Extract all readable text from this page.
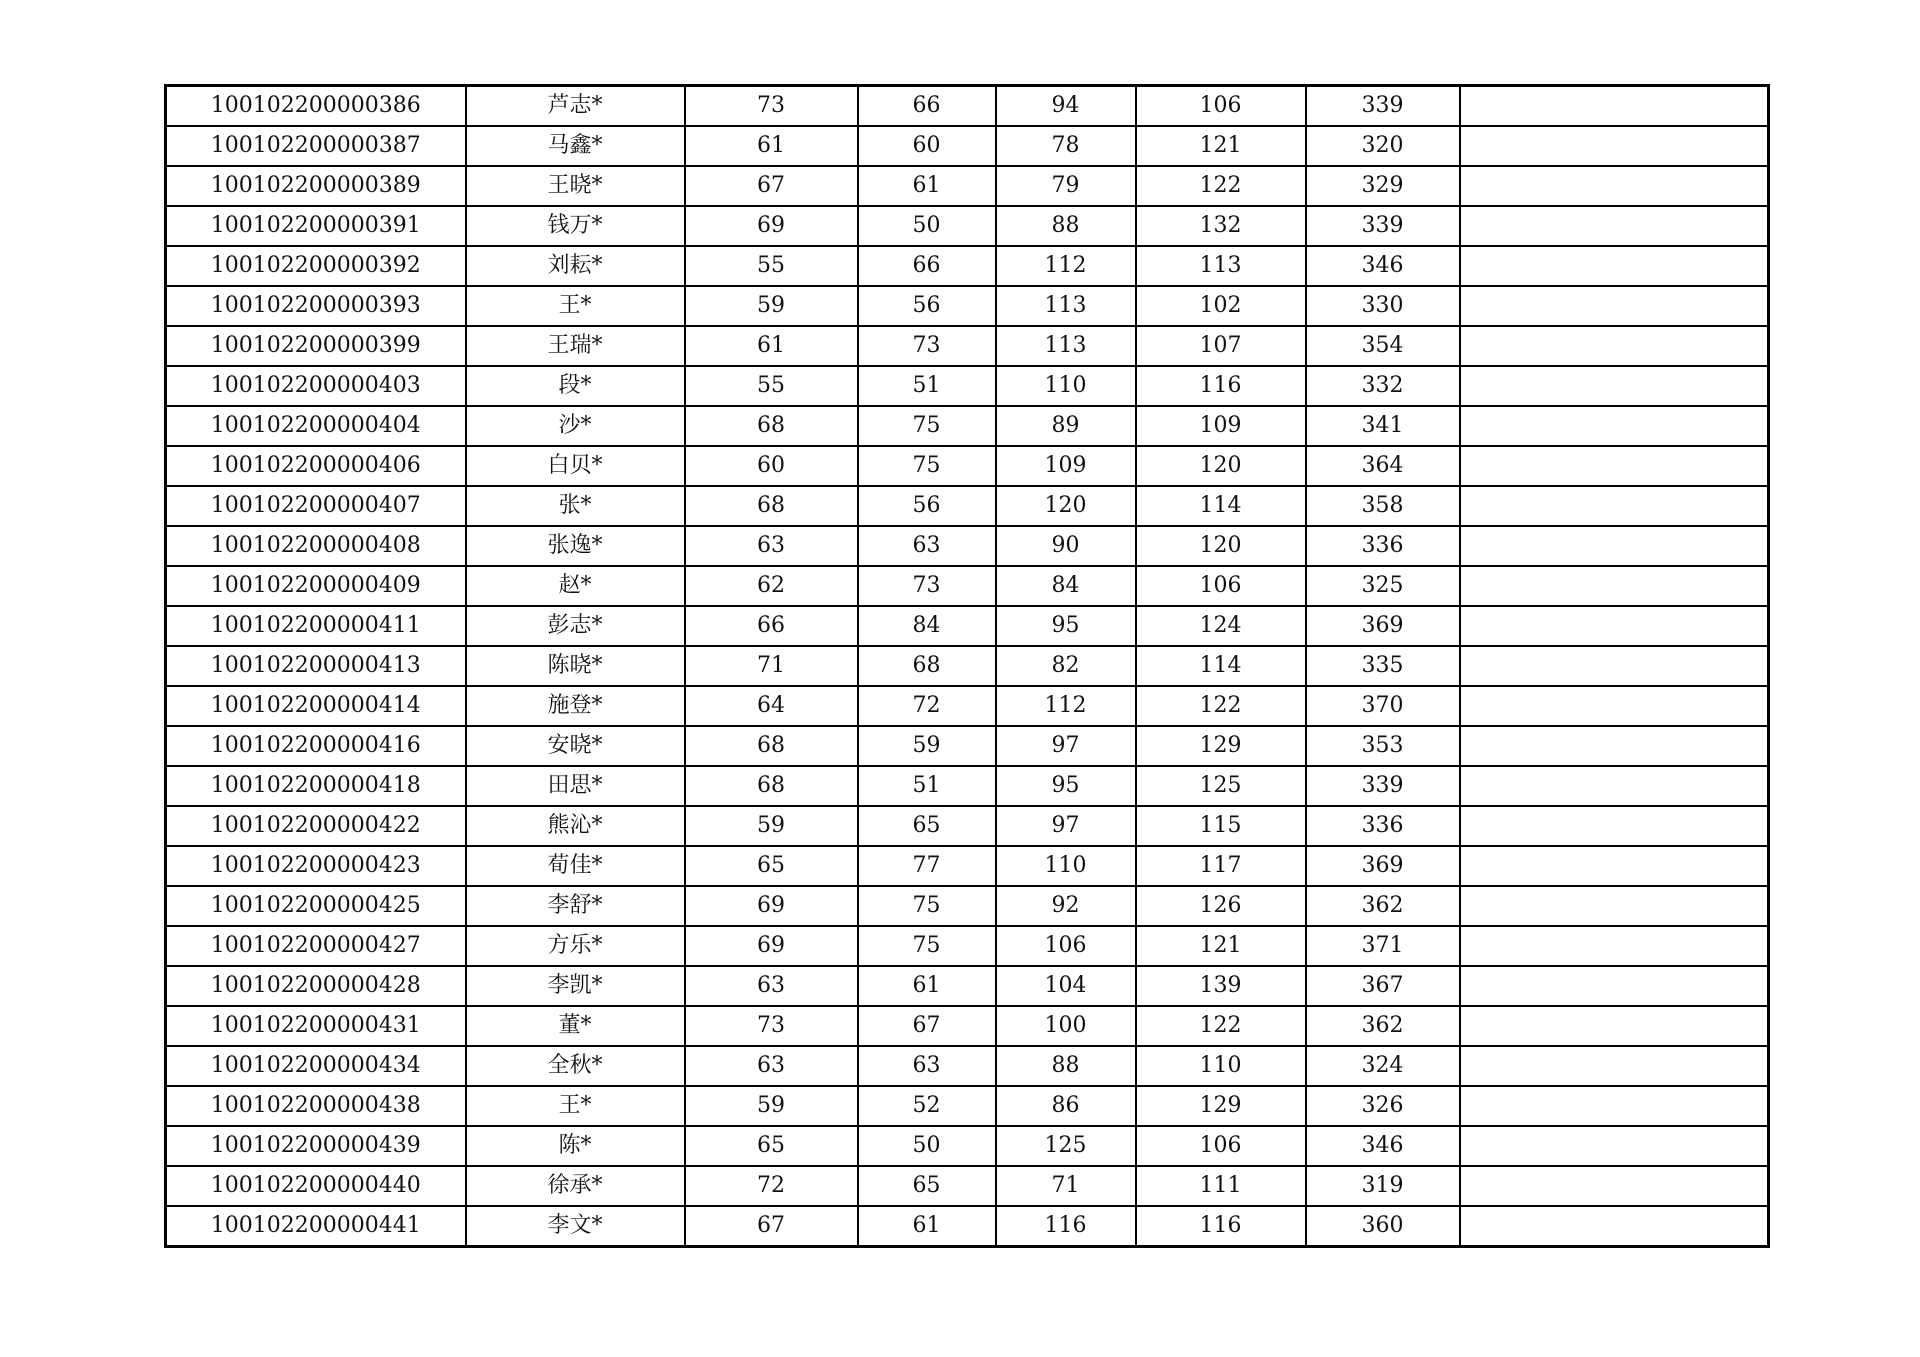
100102200000386	芦志*	73	66	94	106	339	
100102200000387	马鑫*	61	60	78	121	320	
100102200000389	王晓*	67	61	79	122	329	
100102200000391	钱万*	69	50	88	132	339	
100102200000392	刘耘*	55	66	112	113	346	
100102200000393	王*	59	56	113	102	330	
100102200000399	王瑞*	61	73	113	107	354	
100102200000403	段*	55	51	110	116	332	
100102200000404	沙*	68	75	89	109	341	
100102200000406	白贝*	60	75	109	120	364	
100102200000407	张*	68	56	120	114	358	
100102200000408	张逸*	63	63	90	120	336	
100102200000409	赵*	62	73	84	106	325	
100102200000411	彭志*	66	84	95	124	369	
100102200000413	陈晓*	71	68	82	114	335	
100102200000414	施登*	64	72	112	122	370	
100102200000416	安晓*	68	59	97	129	353	
100102200000418	田思*	68	51	95	125	339	
100102200000422	熊沁*	59	65	97	115	336	
100102200000423	荀佳*	65	77	110	117	369	
100102200000425	李舒*	69	75	92	126	362	
100102200000427	方乐*	69	75	106	121	371	
100102200000428	李凯*	63	61	104	139	367	
100102200000431	董*	73	67	100	122	362	
100102200000434	全秋*	63	63	88	110	324	
100102200000438	王*	59	52	86	129	326	
100102200000439	陈*	65	50	125	106	346	
100102200000440	徐承*	72	65	71	111	319	
100102200000441	李文*	67	61	116	116	360	
